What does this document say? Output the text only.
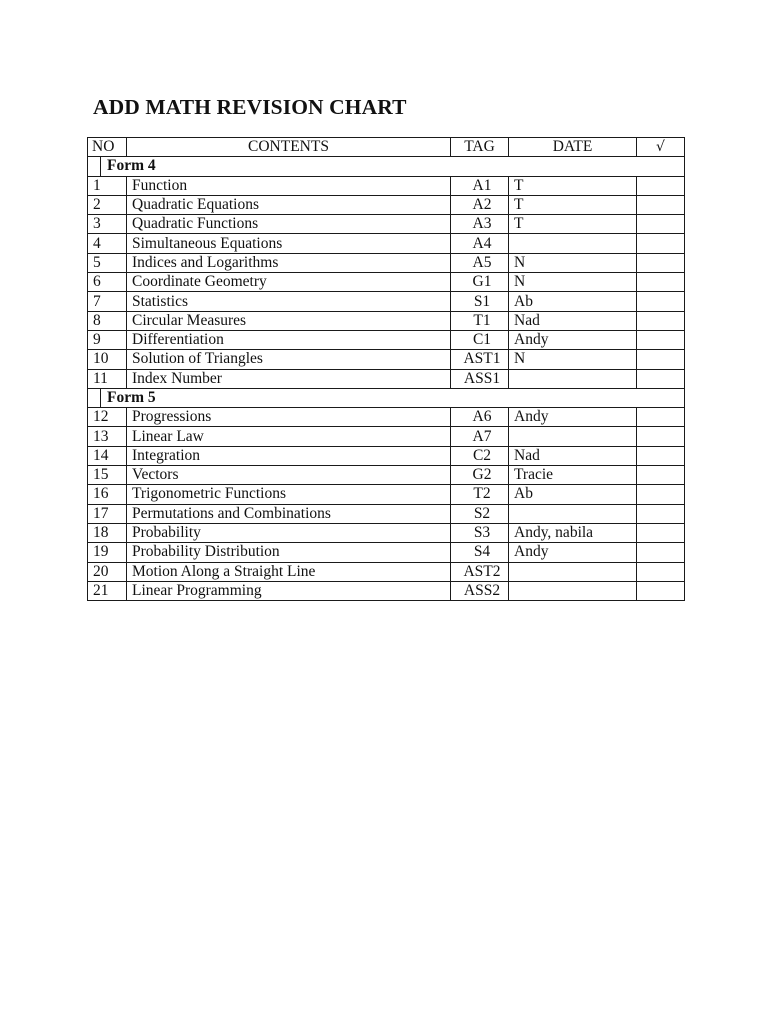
ADD MATH REVISION CHART
NO	CONTENTS	TAG	DATE	√

Form 4				

1	Function	A1	T	
2	Quadratic Equations	A2	T	
3	Quadratic Functions	A3	T	
4	Simultaneous Equations	A4		
5	Indices and Logarithms	A5	N	
6	Coordinate Geometry	G1	N	
7	Statistics	S1	Ab	
8	Circular Measures	T1	Nad	
9	Differentiation	C1	Andy	
10	Solution of Triangles	AST1	N	
11	Index Number	ASS1		

Form 5				

12	Progressions	A6	Andy	
13	Linear Law	A7		
14	Integration	C2	Nad	
15	Vectors	G2	Tracie	
16	Trigonometric Functions	T2	Ab	
17	Permutations and Combinations	S2		
18	Probability	S3	Andy, nabila	
19	Probability Distribution	S4	Andy	
20	Motion Along a Straight Line	AST2		
21	Linear Programming	ASS2		
